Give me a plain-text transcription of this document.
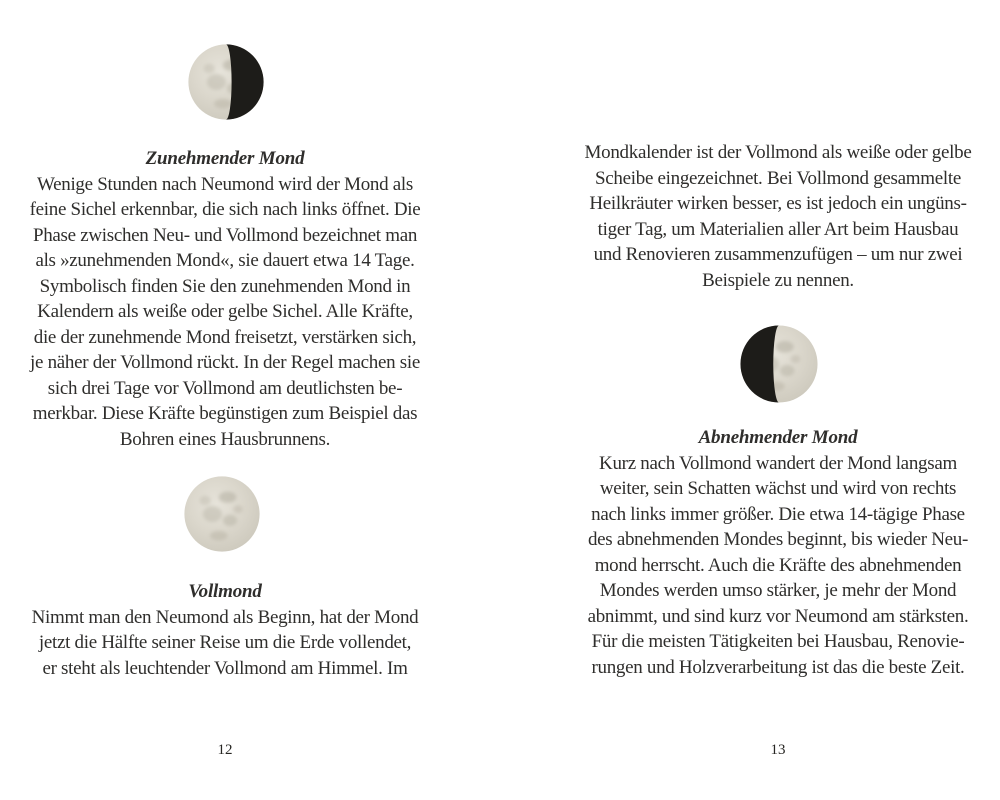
Zunehmender Mond
Wenige Stunden nach Neumond wird der Mond als
feine Sichel erkennbar, die sich nach links öffnet. Die
Phase zwischen Neu- und Vollmond bezeichnet man
als »zunehmenden Mond«, sie dauert etwa 14 Tage.
Symbolisch finden Sie den zunehmenden Mond in
Kalendern als weiße oder gelbe Sichel. Alle Kräfte,
die der zunehmende Mond freisetzt, verstärken sich,
je näher der Vollmond rückt. In der Regel machen sie
sich drei Tage vor Vollmond am deutlichsten be-
merkbar. Diese Kräfte begünstigen zum Beispiel das
Bohren eines Hausbrunnens.
Vollmond
Nimmt man den Neumond als Beginn, hat der Mond
jetzt die Hälfte seiner Reise um die Erde vollendet,
er steht als leuchtender Vollmond am Himmel. Im
12
Mondkalender ist der Vollmond als weiße oder gelbe
Scheibe eingezeichnet. Bei Vollmond gesammelte
Heilkräuter wirken besser, es ist jedoch ein ungüns-
tiger Tag, um Materialien aller Art beim Hausbau
und Renovieren zusammenzufügen – um nur zwei
Beispiele zu nennen.
Abnehmender Mond
Kurz nach Vollmond wandert der Mond langsam
weiter, sein Schatten wächst und wird von rechts
nach links immer größer. Die etwa 14-tägige Phase
des abnehmenden Mondes beginnt, bis wieder Neu-
mond herrscht. Auch die Kräfte des abnehmenden
Mondes werden umso stärker, je mehr der Mond
abnimmt, und sind kurz vor Neumond am stärksten.
Für die meisten Tätigkeiten bei Hausbau, Renovie-
rungen und Holzverarbeitung ist das die beste Zeit.
13
